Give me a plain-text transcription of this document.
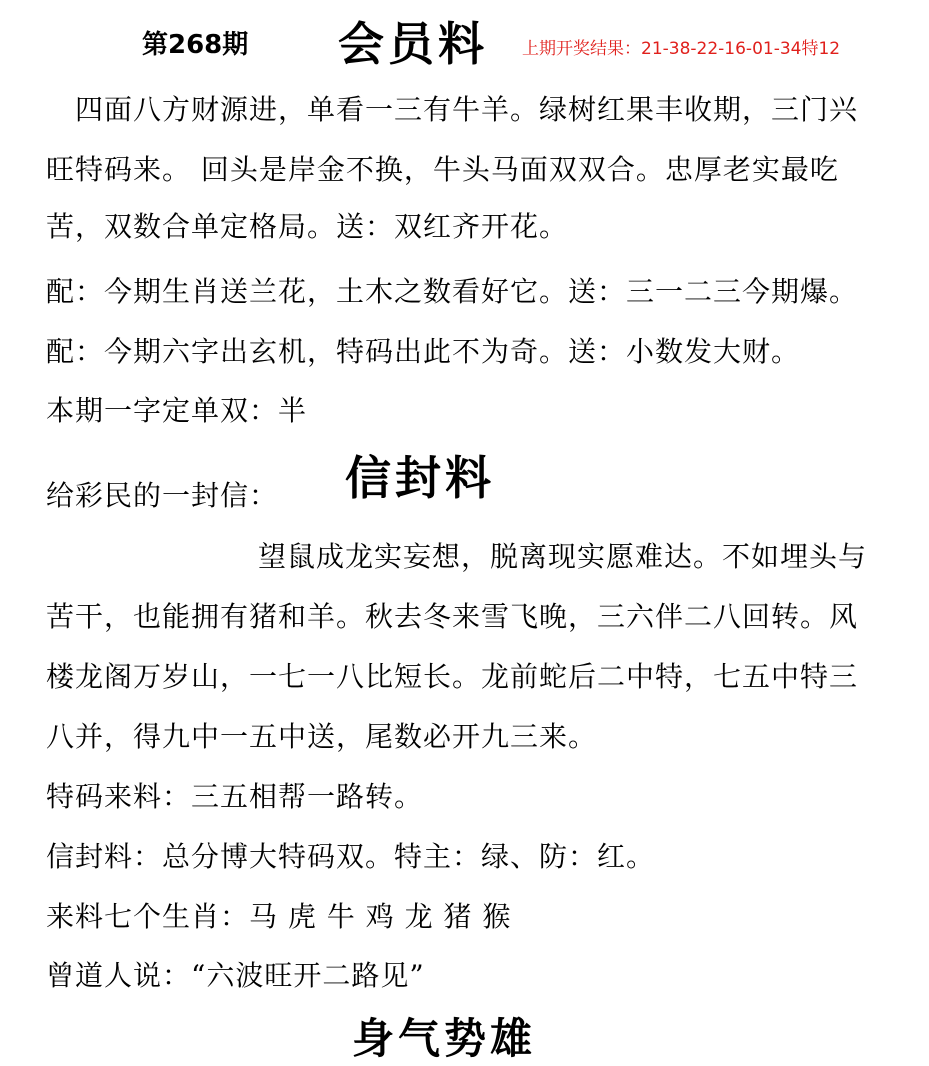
第268期 会员料 上期开奖结果：21-38-22-16-01-34特12
四面八方财源进，单看一三有牛羊。绿树红果丰收期，三门兴
旺特码来。 回头是岸金不换，牛头马面双双合。忠厚老实最吃
苦，双数合单定格局。送：双红齐开花。
配：今期生肖送兰花，土木之数看好它。送：三一二三今期爆。
配：今期六字出玄机，特码出此不为奇。送：小数发大财。
本期一字定单双：半
给彩民的一封信： 信封料
望鼠成龙实妄想，脱离现实愿难达。不如埋头与
苦干，也能拥有猪和羊。秋去冬来雪飞晚，三六伴二八回转。风
楼龙阁万岁山，一七一八比短长。龙前蛇后二中特，七五中特三
八并，得九中一五中送，尾数必开九三来。
特码来料：三五相帮一路转。
信封料：总分博大特码双。特主：绿、防：红。
来料七个生肖：马 虎 牛 鸡 龙 猪 猴
曾道人说：“六波旺开二路见”
身气势雄
